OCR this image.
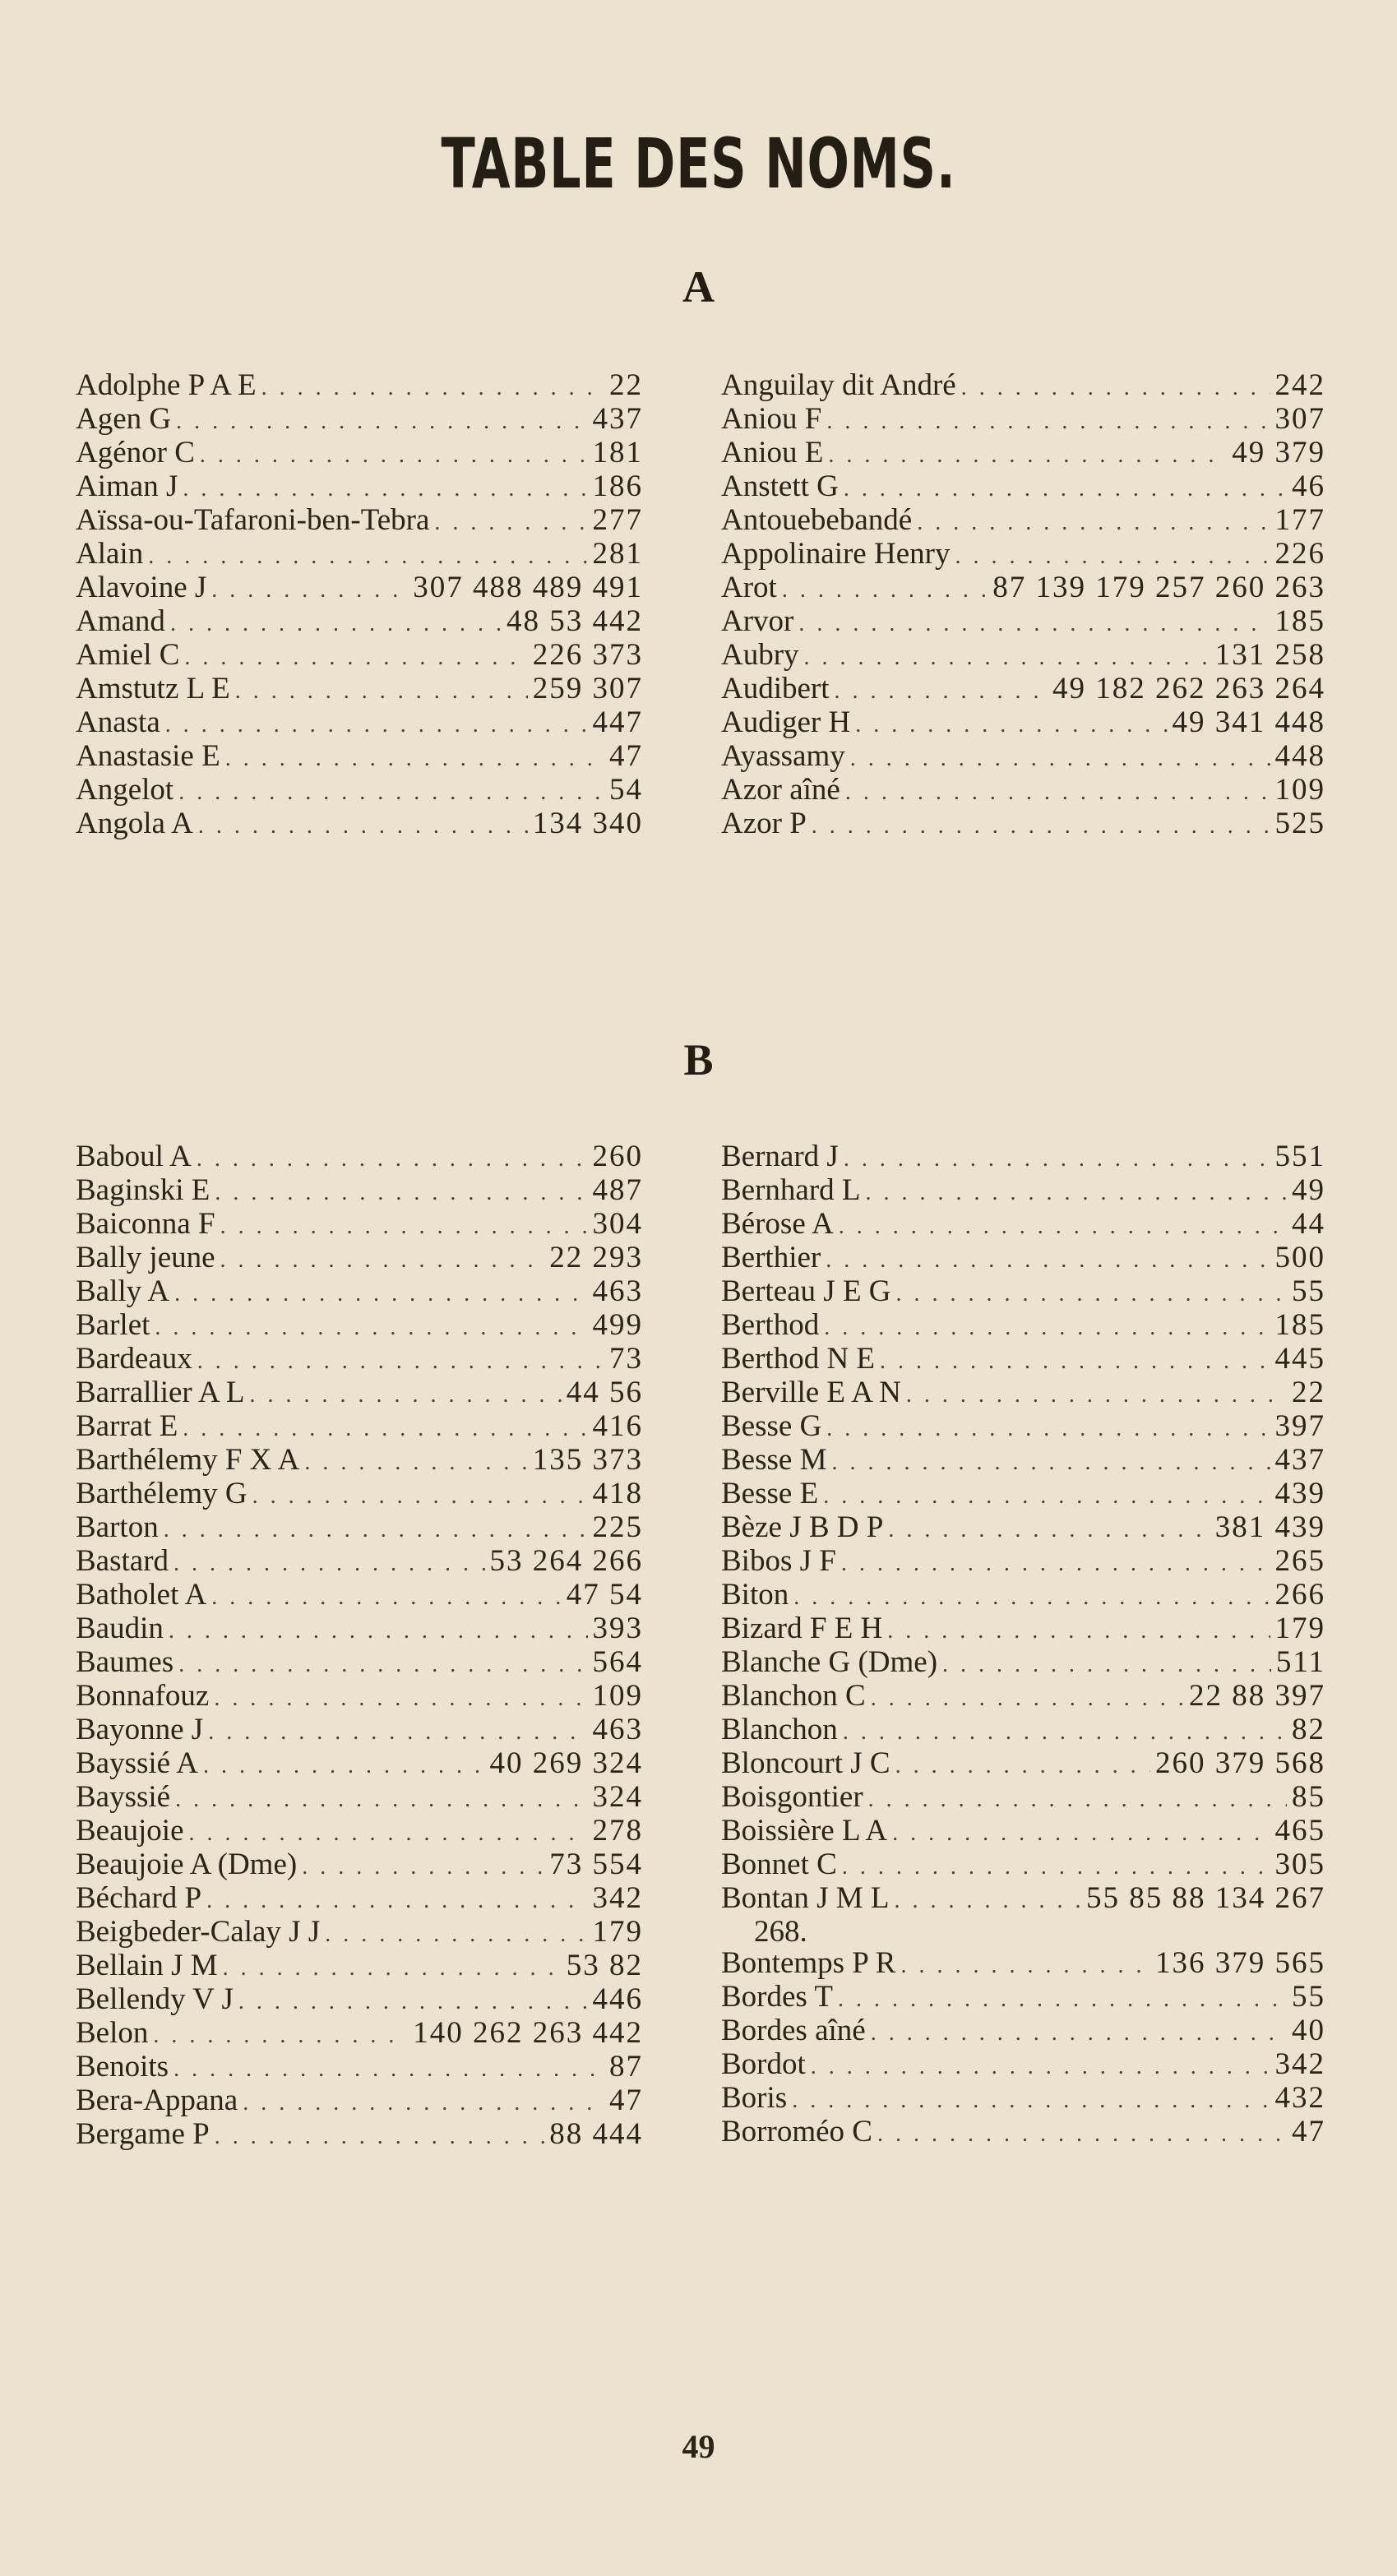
TABLE DES NOMS.
A
Adolphe P A E . . .	22
Agen G . . .	437
Agénor C . . .	181
Aiman J . . .	186
Aïssa-ou-Tafaroni-ben-Tebra . . .	277
Alain . . .	281
Alavoine J . . .	307 488 489 491
Amand . . .	48 53 442
Amiel C . . .	226 373
Amstutz L E . . .	259 307
Anasta . . .	447
Anastasie E . . .	47
Angelot . . .	54
Angola A . . .	134 340
Anguilay dit André . . .	242
Aniou F . . .	307
Aniou E . . .	49 379
Anstett G . . .	46
Antouebebandé . . .	177
Appolinaire Henry . . .	226
Arot . . .	87 139 179 257 260 263
Arvor . . .	185
Aubry . . .	131 258
Audibert . . .	49 182 262 263 264
Audiger H . . .	49 341 448
Ayassamy . . .	448
Azor aîné . . .	109
Azor P . . .	525
B
Baboul A . . .	260
Baginski E . . .	487
Baiconna F . . .	304
Bally jeune . . .	22 293
Bally A . . .	463
Barlet . . .	499
Bardeaux . . .	73
Barrallier A L . . .	44 56
Barrat E . . .	416
Barthélemy F X A . . .	135 373
Barthélemy G . . .	418
Barton . . .	225
Bastard . . .	53 264 266
Batholet A . . .	47 54
Baudin . . .	393
Baumes . . .	564
Bonnafouz . . .	109
Bayonne J . . .	463
Bayssié A . . .	40 269 324
Bayssié . . .	324
Beaujoie . . .	278
Beaujoie A (Dme) . . .	73 554
Béchard P . . .	342
Beigbeder-Calay J J . . .	179
Bellain J M . . .	53 82
Bellendy V J . . .	446
Belon . . .	140 262 263 442
Benoits . . .	87
Bera-Appana . . .	47
Bergame P . . .	88 444
Bernard J . . .	551
Bernhard L . . .	49
Bérose A . . .	44
Berthier . . .	500
Berteau J E G . . .	55
Berthod . . .	185
Berthod N E . . .	445
Berville E A N . . .	22
Besse G . . .	397
Besse M . . .	437
Besse E . . .	439
Bèze J B D P . . .	381 439
Bibos J F . . .	265
Biton . . .	266
Bizard F E H . . .	179
Blanche G (Dme) . . .	511
Blanchon C . . .	22 88 397
Blanchon . . .	82
Bloncourt J C . . .	260 379 568
Boisgontier . . .	85
Boissière L A . . .	465
Bonnet C . . .	305
Bontan J M L . . .	55 85 88 134 267
268.
Bontemps P R . . .	136 379 565
Bordes T . . .	55
Bordes aîné . . .	40
Bordot . . .	342
Boris . . .	432
Borroméo C . . .	47
49
